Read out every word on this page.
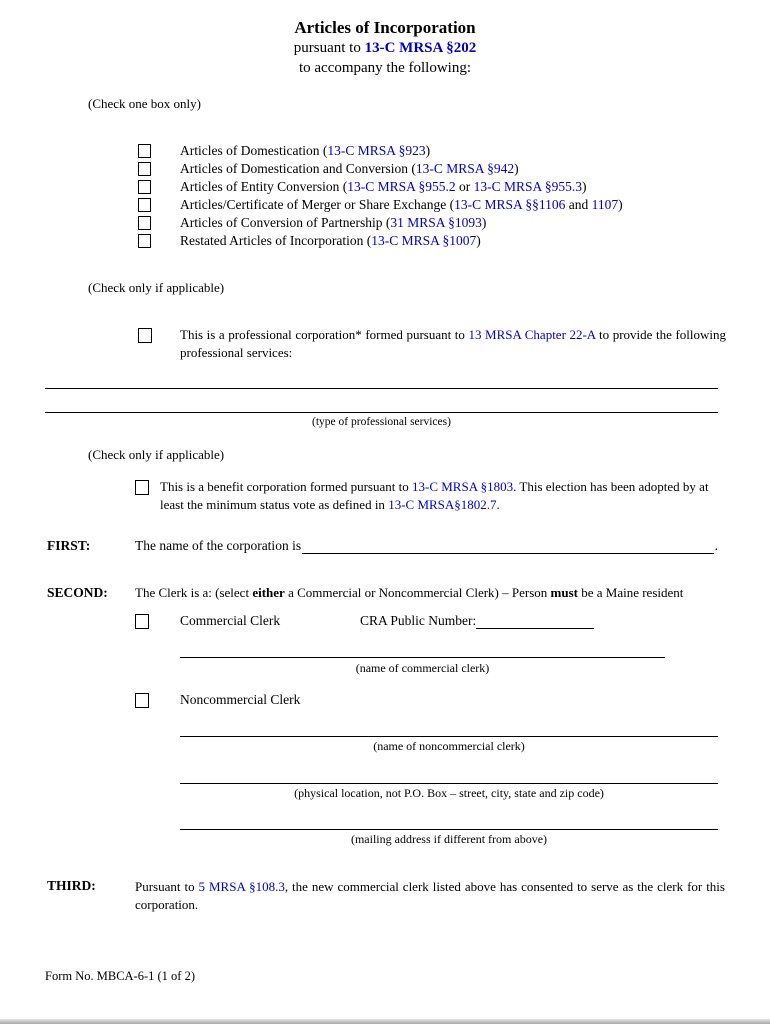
Articles of Incorporation
pursuant to 13-C MRSA §202
to accompany the following:
(Check one box only)
Articles of Domestication (13-C MRSA §923)
Articles of Domestication and Conversion (13-C MRSA §942)
Articles of Entity Conversion (13-C MRSA §955.2 or 13-C MRSA §955.3)
Articles/Certificate of Merger or Share Exchange (13-C MRSA §§1106 and 1107)
Articles of Conversion of Partnership (31 MRSA §1093)
Restated Articles of Incorporation (13-C MRSA §1007)
(Check only if applicable)
This is a professional corporation* formed pursuant to 13 MRSA Chapter 22-A to provide the following professional services:
(type of professional services)
(Check only if applicable)
This is a benefit corporation formed pursuant to 13-C MRSA §1803. This election has been adopted by at least the minimum status vote as defined in 13-C MRSA§1802.7.
FIRST:	The name of the corporation is	.
SECOND:	The Clerk is a: (select either a Commercial or Noncommercial Clerk) – Person must be a Maine resident
Commercial Clerk	CRA Public Number:
(name of commercial clerk)
Noncommercial Clerk
(name of noncommercial clerk)
(physical location, not P.O. Box – street, city, state and zip code)
(mailing address if different from above)
THIRD:	Pursuant to 5 MRSA §108.3, the new commercial clerk listed above has consented to serve as the clerk for this corporation.
Form No. MBCA-6-1 (1 of 2)
